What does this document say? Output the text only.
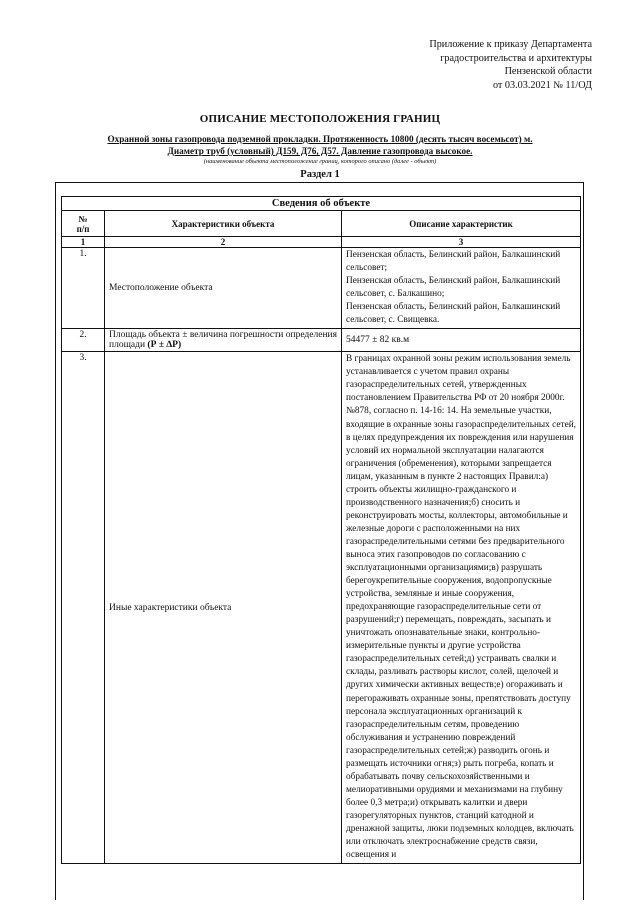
Приложение к приказу Департамента
градостроительства и архитектуры
Пензенской области
от 03.03.2021 № 11/ОД
ОПИСАНИЕ МЕСТОПОЛОЖЕНИЯ ГРАНИЦ
Охранной зоны газопровода подземной прокладки. Протяженность 10800 (десять тысяч восемьсот) м.
Диаметр труб (условный) Д159, Д76, Д57. Давление газопровода высокое.
(наименование объекта местоположение границ, которого описано (далее - объект)
Раздел 1
Сведения об объекте		
№
п/п	Характеристики объекта	Описание характеристик
1	2	3
1.	Местоположение объекта	Пензенская область, Белинский район, Балкашинский сельсовет;
Пензенская область, Белинский район, Балкашинский сельсовет, с. Балкашино;
Пензенская область, Белинский район, Балкашинский сельсовет, с. Свищевка.
2.	Площадь объекта ± величина погрешности определения площади (Р ± ∆Р)	54477 ± 82 кв.м
3.	Иные характеристики объекта	В границах охранной зоны режим использования земель устанавливается с учетом правил охраны газораспределительных сетей, утвержденных постановлением Правительства РФ от 20 ноября 2000г. №878, согласно п. 14-16: 14. На земельные участки, входящие в охранные зоны газораспределительных сетей, в целях предупреждения их повреждения или нарушения условий их нормальной эксплуатации налагаются ограничения (обременения), которыми запрещается лицам, указанным в пункте 2 настоящих Правил:а) строить объекты жилищно-гражданского и производственного назначения;б) сносить и реконструировать мосты, коллекторы, автомобильные и железные дороги с расположенными на них газораспределительными сетями без предварительного выноса этих газопроводов по согласованию с эксплуатационными организациями;в) разрушать берегоукрепительные сооружения, водопропускные устройства, земляные и иные сооружения, предохраняющие газораспределительные сети от разрушений;г) перемещать, повреждать, засыпать и уничтожать опознавательные знаки, контрольно-измерительные пункты и другие устройства газораспределительных сетей;д) устраивать свалки и склады, разливать растворы кислот, солей, щелочей и других химически активных веществ;е) огораживать и перегораживать охранные зоны, препятствовать доступу персонала эксплуатационных организаций к газораспределительным сетям, проведению обслуживания и устранению повреждений газораспределительных сетей;ж) разводить огонь и размещать источники огня;з) рыть погреба, копать и обрабатывать почву сельскохозяйственными и мелиоративными орудиями и механизмами на глубину более 0,3 метра;и) открывать калитки и двери газорегуляторных пунктов, станций катодной и дренажной защиты, люки подземных колодцев, включать или отключать электроснабжение средств связи, освещения и
